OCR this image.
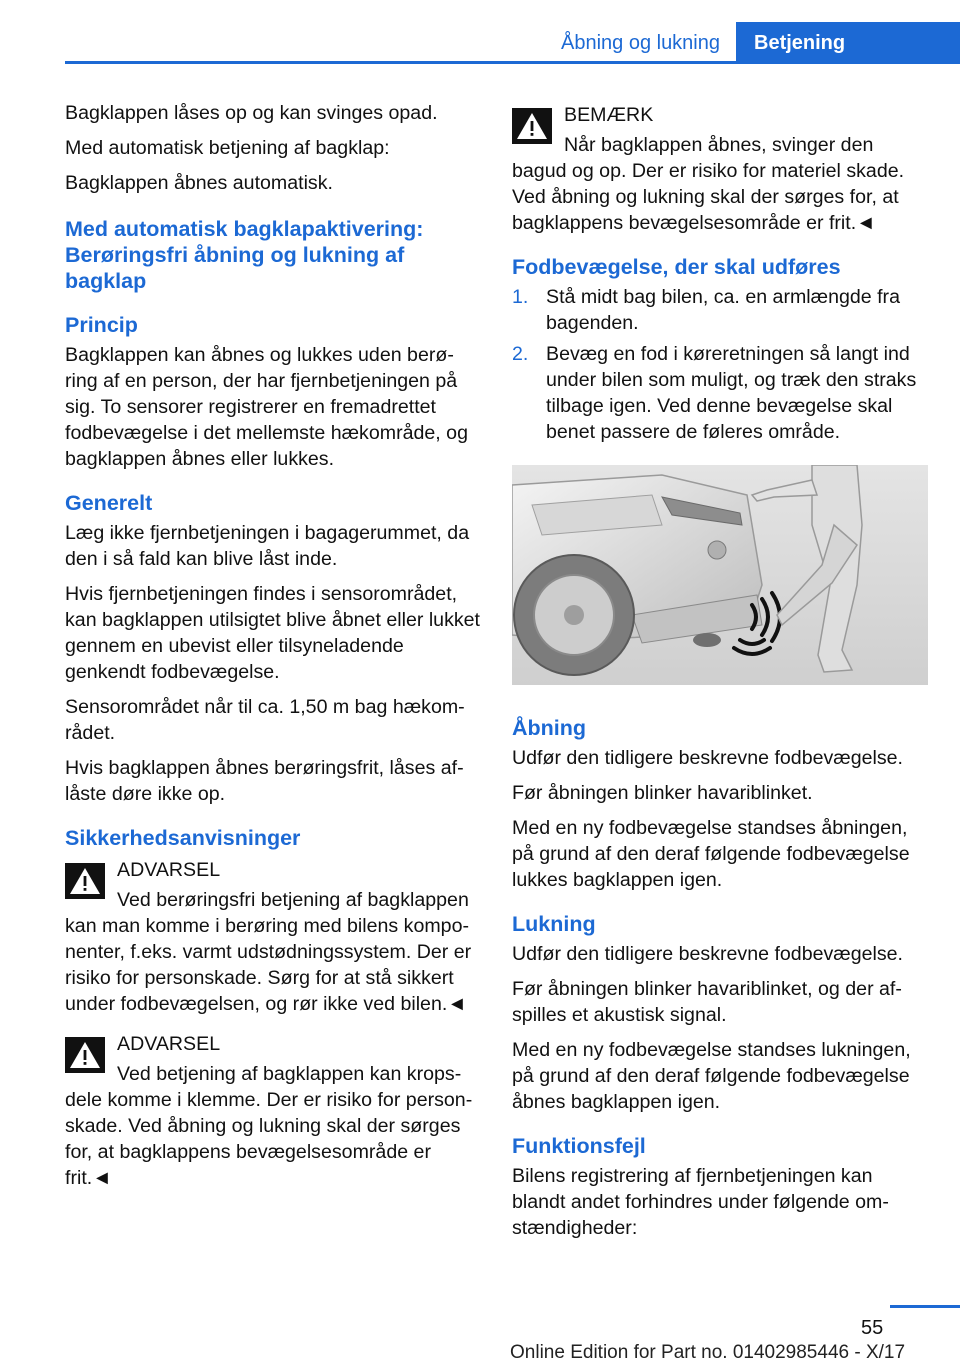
Åbning og lukning	Betjening

Bagklappen låses op og kan svinges opad.

Med automatisk betjening af bagklap:

Bagklappen åbnes automatisk.

Med automatisk bagklapaktivering: Berøringsfri åbning og lukning af bagklap
Princip

Bagklappen kan åbnes og lukkes uden berøring af en person, der har fjernbetjeningen på sig. To sensorer registrerer en fremadrettet fodbevægelse i det mellemste hækområde, og bagklappen åbnes eller lukkes.

Generelt

Læg ikke fjernbetjeningen i bagagerummet, da den i så fald kan blive låst inde.

Hvis fjernbetjeningen findes i sensorområdet, kan bagklappen utilsigtet blive åbnet eller lukket gennem en ubevist eller tilsyneladende genkendt fodbevægelse.

Sensorområdet når til ca. 1,50 m bag hækområdet.

Hvis bagklappen åbnes berøringsfrit, låses aflåste døre ikke op.

Sikkerhedsanvisninger
ADVARSEL
Ved berøringsfri betjening af bagklappen kan man komme i berøring med bilens komponenter, f.eks. varmt udstødningssystem. Der er risiko for personskade. Sørg for at stå sikkert under fodbevægelsen, og rør ikke ved bilen.◄
ADVARSEL
Ved betjening af bagklappen kan kropsdele komme i klemme. Der er risiko for personskade. Ved åbning og lukning skal der sørges for, at bagklappens bevægelsesområde er frit.◄
BEMÆRK
Når bagklappen åbnes, svinger den bagud og op. Der er risiko for materiel skade. Ved åbning og lukning skal der sørges for, at bagklappens bevægelsesområde er frit.◄
Fodbevægelse, der skal udføres
1. Stå midt bag bilen, ca. en armlængde fra bagenden.
2. Bevæg en fod i køreretningen så langt ind under bilen som muligt, og træk den straks tilbage igen. Ved denne bevægelse skal benet passere de føleres område.
Åbning

Udfør den tidligere beskrevne fodbevægelse.

Før åbningen blinker havariblinket.

Med en ny fodbevægelse standses åbningen, på grund af den deraf følgende fodbevægelse lukkes bagklappen igen.

Lukning

Udfør den tidligere beskrevne fodbevægelse.

Før åbningen blinker havariblinket, og der afspilles et akustisk signal.

Med en ny fodbevægelse standses lukningen, på grund af den deraf følgende fodbevægelse åbnes bagklappen igen.

Funktionsfejl

Bilens registrering af fjernbetjeningen kan blandt andet forhindres under følgende omstændigheder:

55
Online Edition for Part no. 01402985446 - X/17
